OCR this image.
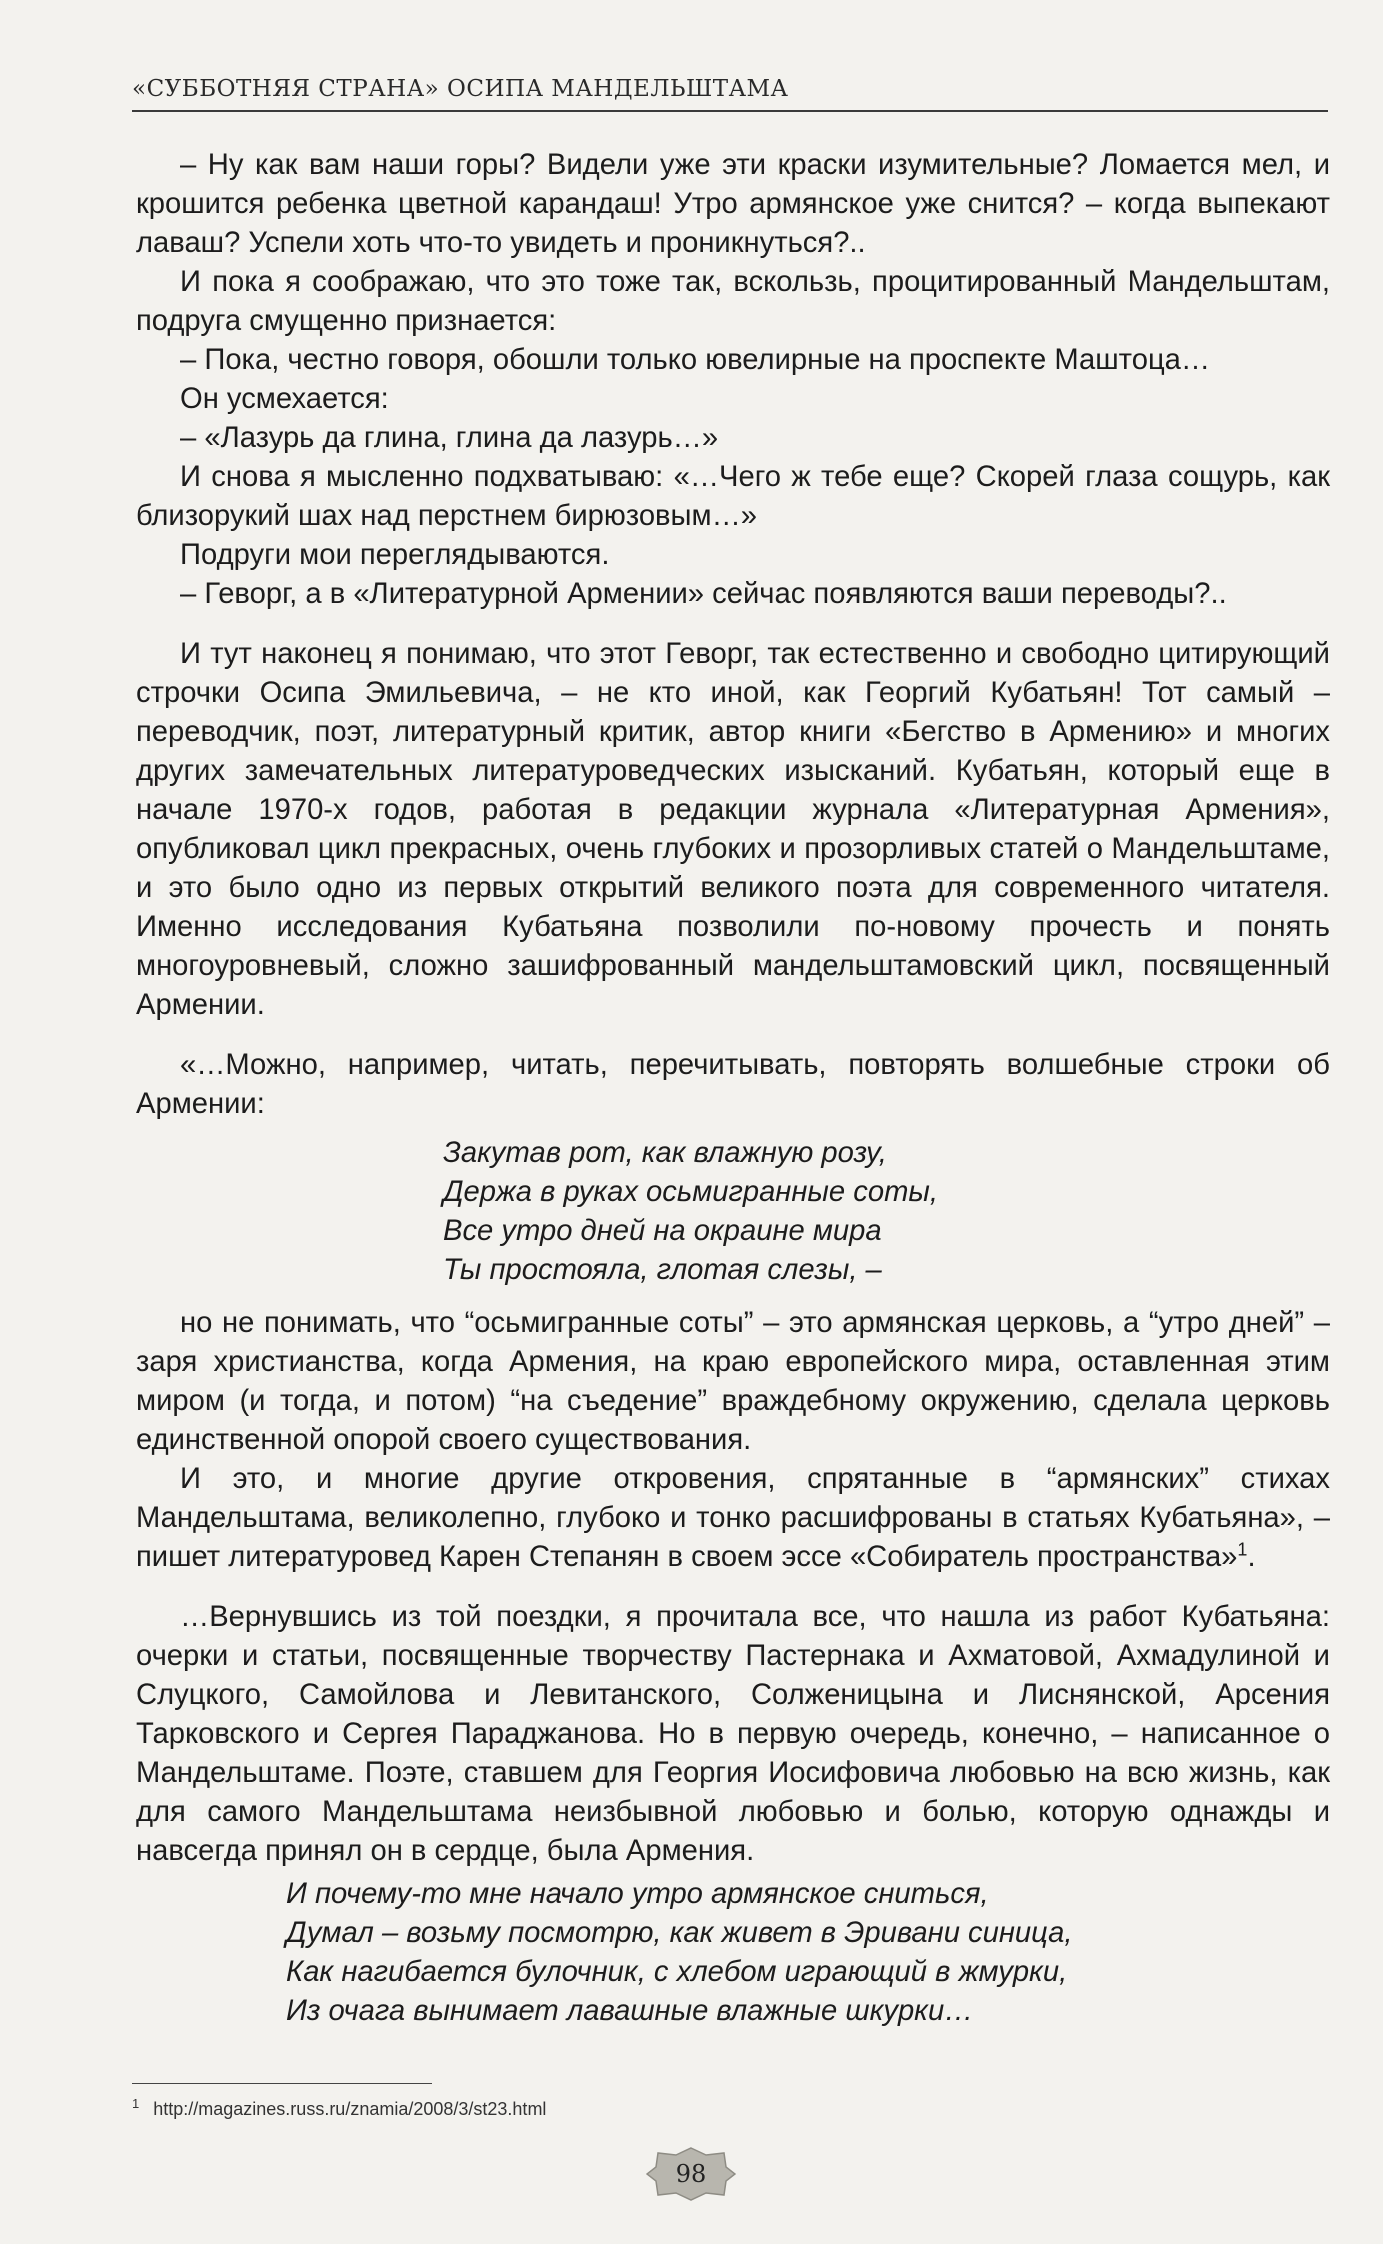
«СУББОТНЯЯ СТРАНА» ОСИПА МАНДЕЛЬШТАМА

– Ну как вам наши горы? Видели уже эти краски изумительные? Ломается мел, и крошится ребенка цветной карандаш! Утро армянское уже снится? – когда выпекают лаваш? Успели хоть что-то увидеть и проникнуться?..

И пока я соображаю, что это тоже так, вскользь, процитированный Мандельштам, подруга смущенно признается:

– Пока, честно говоря, обошли только ювелирные на проспекте Маштоца…

Он усмехается:

– «Лазурь да глина, глина да лазурь…»

И снова я мысленно подхватываю: «…Чего ж тебе еще? Скорей глаза сощурь, как близорукий шах над перстнем бирюзовым…»

Подруги мои переглядываются.

– Геворг, а в «Литературной Армении» сейчас появляются ваши переводы?..

И тут наконец я понимаю, что этот Геворг, так естественно и свободно цитирующий строчки Осипа Эмильевича, – не кто иной, как Георгий Кубатьян! Тот самый – переводчик, поэт, литературный критик, автор книги «Бегство в Армению» и многих других замечательных литературоведческих изысканий. Кубатьян, который еще в начале 1970-х годов, работая в редакции журнала «Литературная Армения», опубликовал цикл прекрасных, очень глубоких и прозорливых статей о Мандельштаме, и это было одно из первых открытий великого поэта для современного читателя. Именно исследования Кубатьяна позволили по-новому прочесть и понять многоуровневый, сложно зашифрованный мандельштамовский цикл, посвященный Армении.

«…Можно, например, читать, перечитывать, повторять волшебные строки об Армении:

Закутав рот, как влажную розу,
Держа в руках осьмигранные соты,
Все утро дней на окраине мира
Ты простояла, глотая слезы, –

но не понимать, что “осьмигранные соты” – это армянская церковь, а “утро дней” – заря христианства, когда Армения, на краю европейского мира, оставленная этим миром (и тогда, и потом) “на съедение” враждебному окружению, сделала церковь единственной опорой своего существования.

И это, и многие другие откровения, спрятанные в “армянских” стихах Мандельштама, великолепно, глубоко и тонко расшифрованы в статьях Кубатьяна», – пишет литературовед Карен Степанян в своем эссе «Собиратель пространства»$^1$.

…Вернувшись из той поездки, я прочитала все, что нашла из работ Кубатьяна: очерки и статьи, посвященные творчеству Пастернака и Ахматовой, Ахмадулиной и Слуцкого, Самойлова и Левитанского, Солженицына и Лиснянской, Арсения Тарковского и Сергея Параджанова. Но в первую очередь, конечно, – написанное о Мандельштаме. Поэте, ставшем для Георгия Иосифовича любовью на всю жизнь, как для самого Мандельштама неизбывной любовью и болью, которую однажды и навсегда принял он в сердце, была Армения.

И почему-то мне начало утро армянское сниться,
Думал – возьму посмотрю, как живет в Эривани синица,
Как нагибается булочник, с хлебом играющий в жмурки,
Из очага вынимает лавашные влажные шкурки…
$^1$ http://magazines.russ.ru/znamia/2008/3/st23.html
98
